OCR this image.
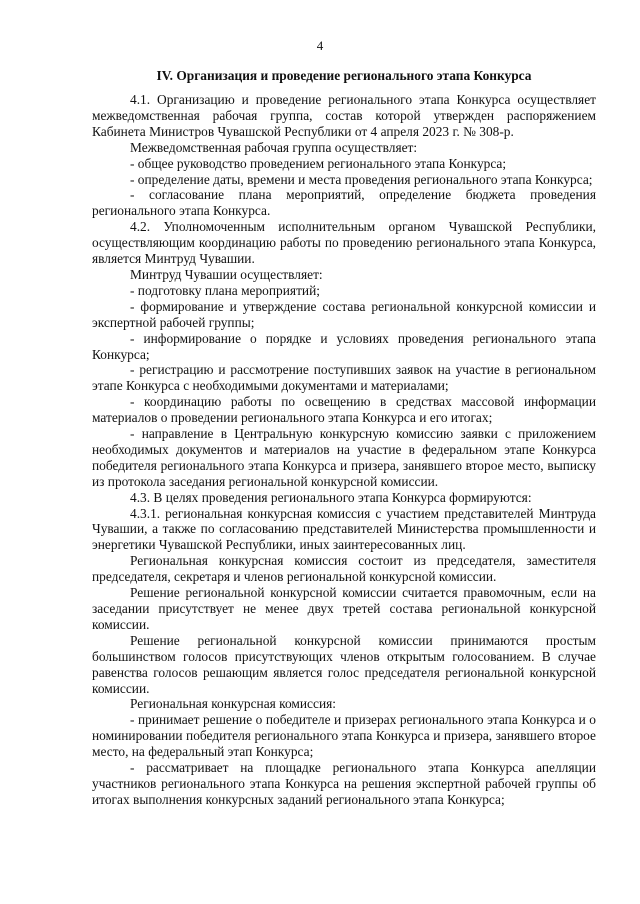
4
IV. Организация и проведение регионального этапа Конкурса

4.1. Организацию и проведение регионального этапа Конкурса осуществляет межведомственная рабочая группа, состав которой утвержден распоряжением Кабинета Министров Чувашской Республики от 4 апреля 2023 г. № 308-р.

Межведомственная рабочая группа осуществляет:

- общее руководство проведением регионального этапа Конкурса;

- определение даты, времени и места проведения регионального этапа Конкурса;

- согласование плана мероприятий, определение бюджета проведения регионального этапа Конкурса.

4.2. Уполномоченным исполнительным органом Чувашской Республики, осуществляющим координацию работы по проведению регионального этапа Конкурса, является Минтруд Чувашии.

Минтруд Чувашии осуществляет:

- подготовку плана мероприятий;

- формирование и утверждение состава региональной конкурсной комиссии и экспертной рабочей группы;

- информирование о порядке и условиях проведения регионального этапа Конкурса;

- регистрацию и рассмотрение поступивших заявок на участие в региональном этапе Конкурса с необходимыми документами и материалами;

- координацию работы по освещению в средствах массовой информации материалов о проведении регионального этапа Конкурса и его итогах;

- направление в Центральную конкурсную комиссию заявки с приложением необходимых документов и материалов на участие в федеральном этапе Конкурса победителя регионального этапа Конкурса и призера, занявшего второе место, выписку из протокола заседания региональной конкурсной комиссии.

4.3. В целях проведения регионального этапа Конкурса формируются:

4.3.1. региональная конкурсная комиссия с участием представителей Минтруда Чувашии, а также по согласованию представителей Министерства промышленности и энергетики Чувашской Республики, иных заинтересованных лиц.

Региональная конкурсная комиссия состоит из председателя, заместителя председателя, секретаря и членов региональной конкурсной комиссии.

Решение региональной конкурсной комиссии считается правомочным, если на заседании присутствует не менее двух третей состава региональной конкурсной комиссии.

Решение региональной конкурсной комиссии принимаются простым большинством голосов присутствующих членов открытым голосованием. В случае равенства голосов решающим является голос председателя региональной конкурсной комиссии.

Региональная конкурсная комиссия:

- принимает решение о победителе и призерах регионального этапа Конкурса и о номинировании победителя регионального этапа Конкурса и призера, занявшего второе место, на федеральный этап Конкурса;

- рассматривает на площадке регионального этапа Конкурса апелляции участников регионального этапа Конкурса на решения экспертной рабочей группы об итогах выполнения конкурсных заданий регионального этапа Конкурса;
